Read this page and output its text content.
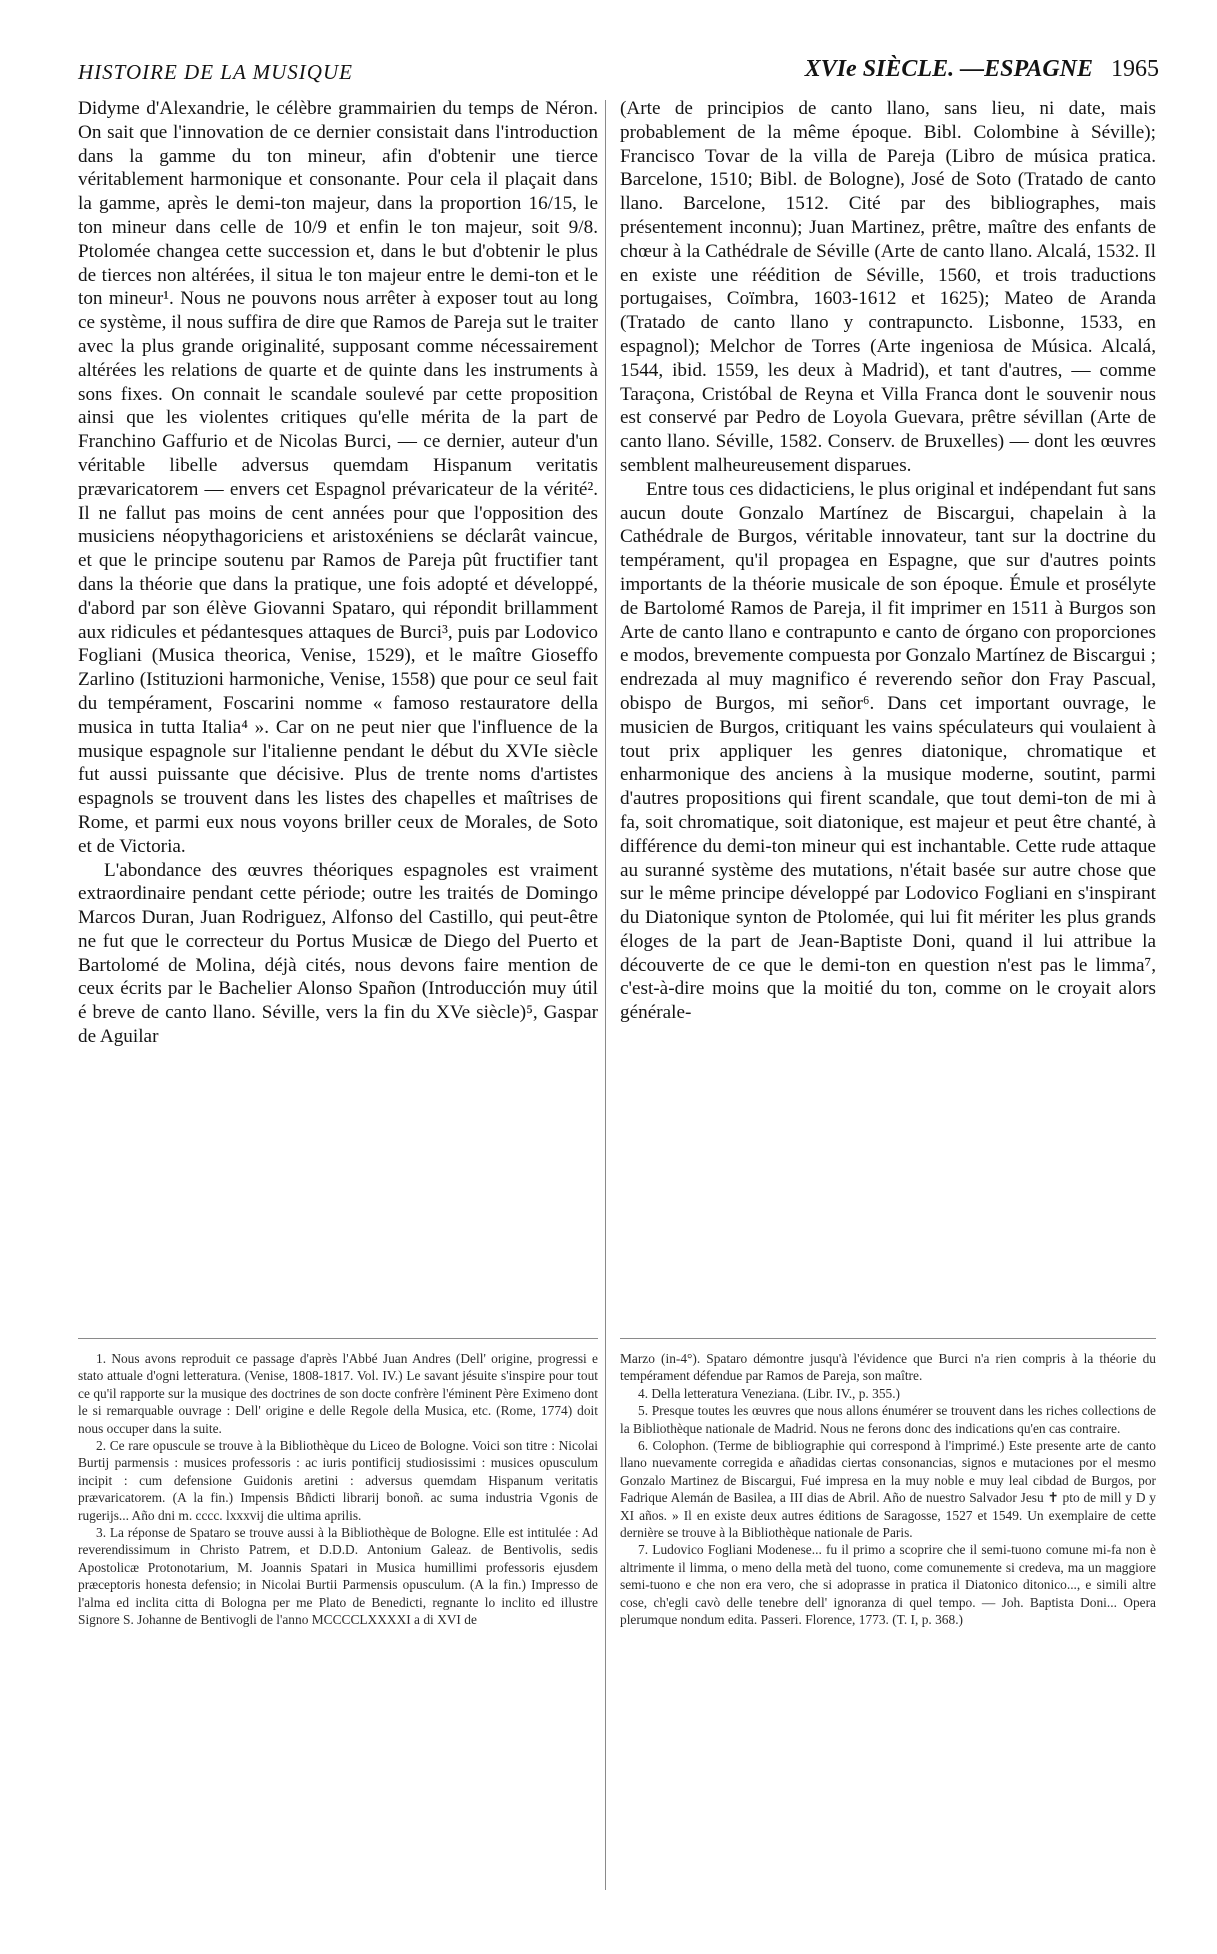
HISTOIRE DE LA MUSIQUE	XVIe SIÈCLE. —ESPAGNE 1965

Didyme d'Alexandrie, le célèbre grammairien du temps de Néron. On sait que l'innovation de ce dernier consistait dans l'introduction dans la gamme du ton mineur, afin d'obtenir une tierce véritablement harmonique et consonante. Pour cela il plaçait dans la gamme, après le demi-ton majeur, dans la proportion 16/15, le ton mineur dans celle de 10/9 et enfin le ton majeur, soit 9/8. Ptolomée changea cette succession et, dans le but d'obtenir le plus de tierces non altérées, il situa le ton majeur entre le demi-ton et le ton mineur¹. Nous ne pouvons nous arrêter à exposer tout au long ce système, il nous suffira de dire que Ramos de Pareja sut le traiter avec la plus grande originalité, supposant comme nécessairement altérées les relations de quarte et de quinte dans les instruments à sons fixes. On connait le scandale soulevé par cette proposition ainsi que les violentes critiques qu'elle mérita de la part de Franchino Gaffurio et de Nicolas Burci, — ce dernier, auteur d'un véritable libelle adversus quemdam Hispanum veritatis prævaricatorem — envers cet Espagnol prévaricateur de la vérité². Il ne fallut pas moins de cent années pour que l'opposition des musiciens néopythagoriciens et aristoxéniens se déclarât vaincue, et que le principe soutenu par Ramos de Pareja pût fructifier tant dans la théorie que dans la pratique, une fois adopté et développé, d'abord par son élève Giovanni Spataro, qui répondit brillamment aux ridicules et pédantesques attaques de Burci³, puis par Lodovico Fogliani (Musica theorica, Venise, 1529), et le maître Gioseffo Zarlino (Istituzioni harmoniche, Venise, 1558) que pour ce seul fait du tempérament, Foscarini nomme « famoso restauratore della musica in tutta Italia⁴ ». Car on ne peut nier que l'influence de la musique espagnole sur l'italienne pendant le début du XVIe siècle fut aussi puissante que décisive. Plus de trente noms d'artistes espagnols se trouvent dans les listes des chapelles et maîtrises de Rome, et parmi eux nous voyons briller ceux de Morales, de Soto et de Victoria.

L'abondance des œuvres théoriques espagnoles est vraiment extraordinaire pendant cette période; outre les traités de Domingo Marcos Duran, Juan Rodriguez, Alfonso del Castillo, qui peut-être ne fut que le correcteur du Portus Musicæ de Diego del Puerto et Bartolomé de Molina, déjà cités, nous devons faire mention de ceux écrits par le Bachelier Alonso Spañon (Introducción muy útil é breve de canto llano. Séville, vers la fin du XVe siècle)⁵, Gaspar de Aguilar

(Arte de principios de canto llano, sans lieu, ni date, mais probablement de la même époque. Bibl. Colombine à Séville); Francisco Tovar de la villa de Pareja (Libro de música pratica. Barcelone, 1510; Bibl. de Bologne), José de Soto (Tratado de canto llano. Barcelone, 1512. Cité par des bibliographes, mais présentement inconnu); Juan Martinez, prêtre, maître des enfants de chœur à la Cathédrale de Séville (Arte de canto llano. Alcalá, 1532. Il en existe une réédition de Séville, 1560, et trois traductions portugaises, Coïmbra, 1603-1612 et 1625); Mateo de Aranda (Tratado de canto llano y contrapuncto. Lisbonne, 1533, en espagnol); Melchor de Torres (Arte ingeniosa de Música. Alcalá, 1544, ibid. 1559, les deux à Madrid), et tant d'autres, — comme Taraçona, Cristóbal de Reyna et Villa Franca dont le souvenir nous est conservé par Pedro de Loyola Guevara, prêtre sévillan (Arte de canto llano. Séville, 1582. Conserv. de Bruxelles) — dont les œuvres semblent malheureusement disparues.

Entre tous ces didacticiens, le plus original et indépendant fut sans aucun doute Gonzalo Martínez de Biscargui, chapelain à la Cathédrale de Burgos, véritable innovateur, tant sur la doctrine du tempérament, qu'il propagea en Espagne, que sur d'autres points importants de la théorie musicale de son époque. Émule et prosélyte de Bartolomé Ramos de Pareja, il fit imprimer en 1511 à Burgos son Arte de canto llano e contrapunto e canto de órgano con proporciones e modos, brevemente compuesta por Gonzalo Martínez de Biscargui ; endrezada al muy magnifico é reverendo señor don Fray Pascual, obispo de Burgos, mi señor⁶. Dans cet important ouvrage, le musicien de Burgos, critiquant les vains spéculateurs qui voulaient à tout prix appliquer les genres diatonique, chromatique et enharmonique des anciens à la musique moderne, soutint, parmi d'autres propositions qui firent scandale, que tout demi-ton de mi à fa, soit chromatique, soit diatonique, est majeur et peut être chanté, à différence du demi-ton mineur qui est inchantable. Cette rude attaque au suranné système des mutations, n'était basée sur autre chose que sur le même principe développé par Lodovico Fogliani en s'inspirant du Diatonique synton de Ptolomée, qui lui fit mériter les plus grands éloges de la part de Jean-Baptiste Doni, quand il lui attribue la découverte de ce que le demi-ton en question n'est pas le limma⁷, c'est-à-dire moins que la moitié du ton, comme on le croyait alors générale-

1. Nous avons reproduit ce passage d'après l'Abbé Juan Andres (Dell' origine, progressi e stato attuale d'ogni letteratura. (Venise, 1808-1817. Vol. IV.) Le savant jésuite s'inspire pour tout ce qu'il rapporte sur la musique des doctrines de son docte confrère l'éminent Père Eximeno dont le si remarquable ouvrage : Dell' origine e delle Regole della Musica, etc. (Rome, 1774) doit nous occuper dans la suite.

2. Ce rare opuscule se trouve à la Bibliothèque du Liceo de Bologne. Voici son titre : Nicolai Burtij parmensis : musices professoris : ac iuris pontificij studiosissimi : musices opusculum incipit : cum defensione Guidonis aretini : adversus quemdam Hispanum veritatis prævaricatorem. (A la fin.) Impensis Bñdicti librarij bonoñ. ac suma industria Vgonis de rugerijs... Año dni m. cccc. lxxxvij die ultima aprilis.

3. La réponse de Spataro se trouve aussi à la Bibliothèque de Bologne. Elle est intitulée : Ad reverendissimum in Christo Patrem, et D.D.D. Antonium Galeaz. de Bentivolis, sedis Apostolicæ Protonotarium, M. Joannis Spatari in Musica humillimi professoris ejusdem præceptoris honesta defensio; in Nicolai Burtii Parmensis opusculum. (A la fin.) Impresso de l'alma ed inclita citta di Bologna per me Plato de Benedicti, regnante lo inclito ed illustre Signore S. Johanne de Bentivogli de l'anno MCCCCLXXXXI a di XVI de

Marzo (in-4°). Spataro démontre jusqu'à l'évidence que Burci n'a rien compris à la théorie du tempérament défendue par Ramos de Pareja, son maître.

4. Della letteratura Veneziana. (Libr. IV., p. 355.)

5. Presque toutes les œuvres que nous allons énumérer se trouvent dans les riches collections de la Bibliothèque nationale de Madrid. Nous ne ferons donc des indications qu'en cas contraire.

6. Colophon. (Terme de bibliographie qui correspond à l'imprimé.) Este presente arte de canto llano nuevamente corregida e añadidas ciertas consonancias, signos e mutaciones por el mesmo Gonzalo Martinez de Biscargui, Fué impresa en la muy noble e muy leal cibdad de Burgos, por Fadrique Alemán de Basilea, a III dias de Abril. Año de nuestro Salvador Jesu ✝ pto de mill y D y XI años. » Il en existe deux autres éditions de Saragosse, 1527 et 1549. Un exemplaire de cette dernière se trouve à la Bibliothèque nationale de Paris.

7. Ludovico Fogliani Modenese... fu il primo a scoprire che il semi-tuono comune mi-fa non è altrimente il limma, o meno della metà del tuono, come comunemente si credeva, ma un maggiore semi-tuono e che non era vero, che si adoprasse in pratica il Diatonico ditonico..., e simili altre cose, ch'egli cavò delle tenebre dell' ignoranza di quel tempo. — Joh. Baptista Doni... Opera plerumque nondum edita. Passeri. Florence, 1773. (T. I, p. 368.)
